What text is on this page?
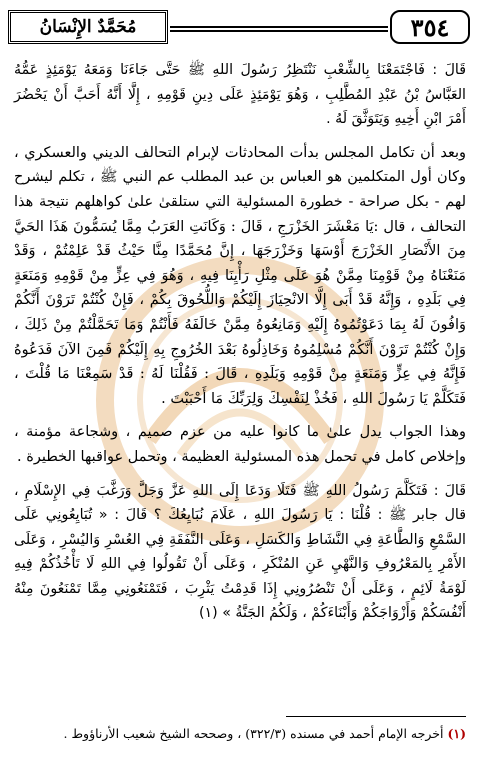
٣٥٤
مُحَمَّدٌ الإِنْسَانُ

قَالَ : فَاجْتَمَعْنَا بِالشِّعْبِ نَنْتَظِرُ رَسُولَ اللهِ ﷺ حَتَّى جَاءَنَا وَمَعَهُ يَوْمَئِذٍ عَمُّهُ العَبَّاسُ بْنُ عَبْدِ المُطَّلِبِ ، وَهُوَ يَوْمَئِذٍ عَلَى دِينِ قَوْمِهِ ، إِلَّا أَنَّهُ أَحَبَّ أَنْ يَحْضُرَ أَمْرَ ابْنِ أَخِيهِ وَيَتَوَثَّقَ لَهُ .

وبعد أن تكامل المجلس بدأت المحادثات لإبرام التحالف الديني والعسكري ، وكان أول المتكلمين هو العباس بن عبد المطلب عم النبي ﷺ ، تكلم ليشرح لهم - بكل صراحة - خطورة المسئولية التي ستلقىٰ علىٰ كواهلهم نتيجة هذا التحالف ، قال :يَا مَعْشَرَ الخَزْرَجِ ، قَالَ : وَكَانَتِ العَرَبُ مِمَّا يُسَمُّونَ هَذَا الحَيَّ مِنَ الأَنْصَارِ الخَزْرَجَ أَوْسَهَا وَخَزْرَجَهَا ، إِنَّ مُحَمَّدًا مِنَّا حَيْثُ قَدْ عَلِمْتُمْ ، وَقَدْ مَنَعْنَاهُ مِنْ قَوْمِنَا مِمَّنْ هُوَ عَلَى مِثْلِ رَأْيِنَا فِيهِ ، وَهُوَ فِي عِزٍّ مِنْ قَوْمِهِ وَمَنَعَةٍ فِي بَلَدِهِ ، وَإِنَّهُ قَدْ أَبَى إِلَّا الانْحِيَازَ إِلَيْكُمْ وَاللُّحُوقَ بِكُمْ ، فَإِنْ كُنْتُمْ تَرَوْنَ أَنَّكُمْ وَافُونَ لَهُ بِمَا دَعَوْتُمُوهُ إِلَيْهِ وَمَانِعُوهُ مِمَّنْ خَالَفَهُ فَأَنْتُمْ وَمَا تَحَمَّلْتُمْ مِنْ ذَلِكَ ، وَإِنْ كُنْتُمْ تَرَوْنَ أَنَّكُمْ مُسْلِمُوهُ وَخَاذِلُوهُ بَعْدَ الخُرُوجِ بِهِ إِلَيْكُمْ فَمِنَ الآنَ فَدَعُوهُ فَإِنَّهُ فِي عِزٍّ وَمَنَعَةٍ مِنْ قَوْمِهِ وَبَلَدِهِ ، قَالَ : فَقُلْنَا لَهُ : قَدْ سَمِعْنَا مَا قُلْتَ ، فَتَكَلَّمْ يَا رَسُولَ اللهِ ، فَخُذْ لِنَفْسِكَ وَلِرَبِّكَ مَا أَحْبَبْتَ .

وهذا الجواب يدل علىٰ ما كانوا عليه من عزم صميم ، وشجاعة مؤمنة ، وإخلاص كامل في تحمل هذه المسئولية العظيمة ، وتحمل عواقبها الخطيرة .

قَالَ : فَتَكَلَّمَ رَسُولُ اللهِ ﷺ فَتَلَا وَدَعَا إِلَى اللهِ عَزَّ وَجَلَّ وَرَغَّبَ فِي الإِسْلَامِ ، قال جابر ﷺ : قُلْنَا : يَا رَسُولَ اللهِ ، عَلَامَ نُبَايِعُكَ ؟ قَالَ : « تُبَايِعُونِي عَلَى السَّمْعِ وَالطَّاعَةِ فِي النَّشَاطِ وَالكَسَلِ ، وَعَلَى النَّفَقَةِ فِي العُسْرِ وَاليُسْرِ ، وَعَلَى الأَمْرِ بِالمَعْرُوفِ وَالنَّهْيِ عَنِ المُنْكَرِ ، وَعَلَى أَنْ تَقُولُوا فِي اللهِ لَا تَأْخُذُكُمْ فِيهِ لَوْمَةُ لَائِمٍ ، وَعَلَى أَنْ تَنْصُرُونِي إِذَا قَدِمْتُ يَثْرِبَ ، فَتَمْنَعُونِي مِمَّا تَمْنَعُونَ مِنْهُ أَنْفُسَكُمْ وَأَزْوَاجَكُمْ وَأَبْنَاءَكُمْ ، وَلَكُمُ الجَنَّةُ » (١)

(١) أخرجه الإمام أحمد في مسنده (٣٢٢/٣) ، وصححه الشيخ شعيب الأرناؤوط .
